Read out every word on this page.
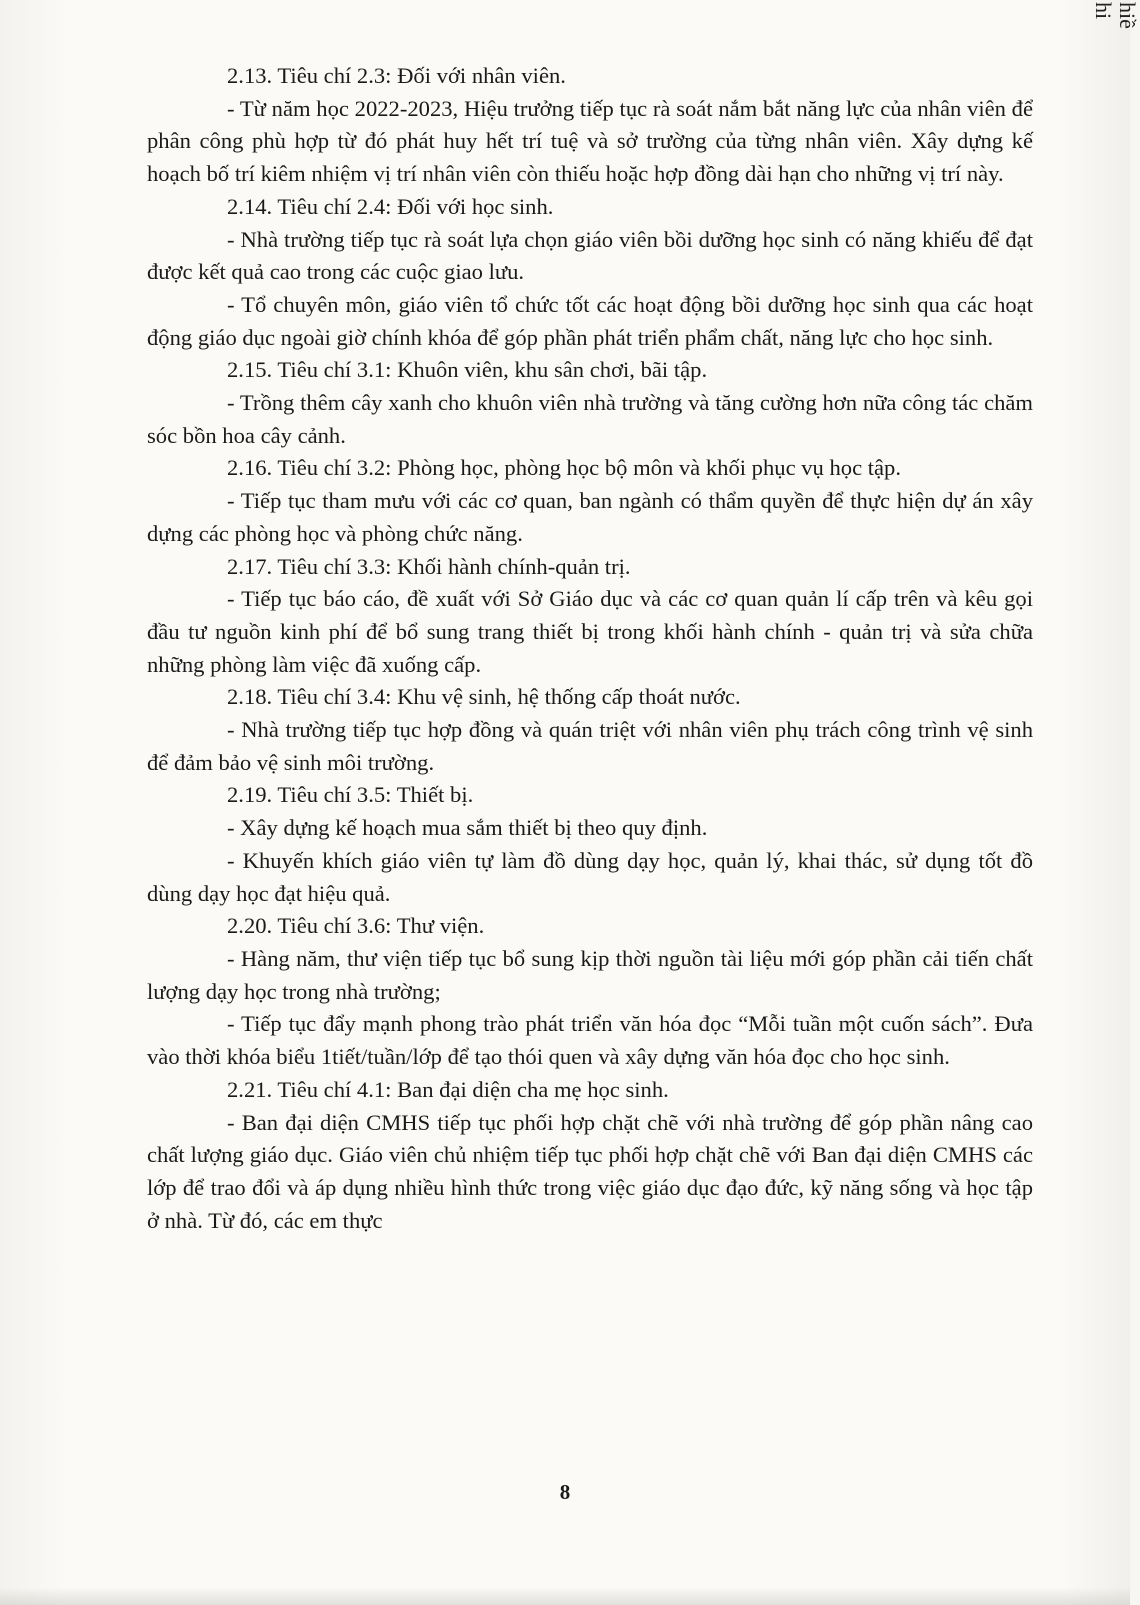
hi hiề

2.13. Tiêu chí 2.3: Đối với nhân viên.

- Từ năm học 2022-2023, Hiệu trưởng tiếp tục rà soát nắm bắt năng lực của nhân viên để phân công phù hợp từ đó phát huy hết trí tuệ và sở trường của từng nhân viên. Xây dựng kế hoạch bố trí kiêm nhiệm vị trí nhân viên còn thiếu hoặc hợp đồng dài hạn cho những vị trí này.

2.14. Tiêu chí 2.4: Đối với học sinh.

- Nhà trường tiếp tục rà soát lựa chọn giáo viên bồi dưỡng học sinh có năng khiếu để đạt được kết quả cao trong các cuộc giao lưu.

- Tổ chuyên môn, giáo viên tổ chức tốt các hoạt động bồi dưỡng học sinh qua các hoạt động giáo dục ngoài giờ chính khóa để góp phần phát triển phẩm chất, năng lực cho học sinh.

2.15. Tiêu chí 3.1: Khuôn viên, khu sân chơi, bãi tập.

- Trồng thêm cây xanh cho khuôn viên nhà trường và tăng cường hơn nữa công tác chăm sóc bồn hoa cây cảnh.

2.16. Tiêu chí 3.2: Phòng học, phòng học bộ môn và khối phục vụ học tập.

- Tiếp tục tham mưu với các cơ quan, ban ngành có thẩm quyền để thực hiện dự án xây dựng các phòng học và phòng chức năng.

2.17. Tiêu chí 3.3: Khối hành chính-quản trị.

- Tiếp tục báo cáo, đề xuất với Sở Giáo dục và các cơ quan quản lí cấp trên và kêu gọi đầu tư nguồn kinh phí để bổ sung trang thiết bị trong khối hành chính - quản trị và sửa chữa những phòng làm việc đã xuống cấp.

2.18. Tiêu chí 3.4: Khu vệ sinh, hệ thống cấp thoát nước.

- Nhà trường tiếp tục hợp đồng và quán triệt với nhân viên phụ trách công trình vệ sinh để đảm bảo vệ sinh môi trường.

2.19. Tiêu chí 3.5: Thiết bị.

- Xây dựng kế hoạch mua sắm thiết bị theo quy định.

- Khuyến khích giáo viên tự làm đồ dùng dạy học, quản lý, khai thác, sử dụng tốt đồ dùng dạy học đạt hiệu quả.

2.20. Tiêu chí 3.6: Thư viện.

- Hàng năm, thư viện tiếp tục bổ sung kịp thời nguồn tài liệu mới góp phần cải tiến chất lượng dạy học trong nhà trường;

- Tiếp tục đẩy mạnh phong trào phát triển văn hóa đọc “Mỗi tuần một cuốn sách”. Đưa vào thời khóa biểu 1tiết/tuần/lớp để tạo thói quen và xây dựng văn hóa đọc cho học sinh.

2.21. Tiêu chí 4.1: Ban đại diện cha mẹ học sinh.

- Ban đại diện CMHS tiếp tục phối hợp chặt chẽ với nhà trường để góp phần nâng cao chất lượng giáo dục. Giáo viên chủ nhiệm tiếp tục phối hợp chặt chẽ với Ban đại diện CMHS các lớp để trao đổi và áp dụng nhiều hình thức trong việc giáo dục đạo đức, kỹ năng sống và học tập ở nhà. Từ đó, các em thực

8
